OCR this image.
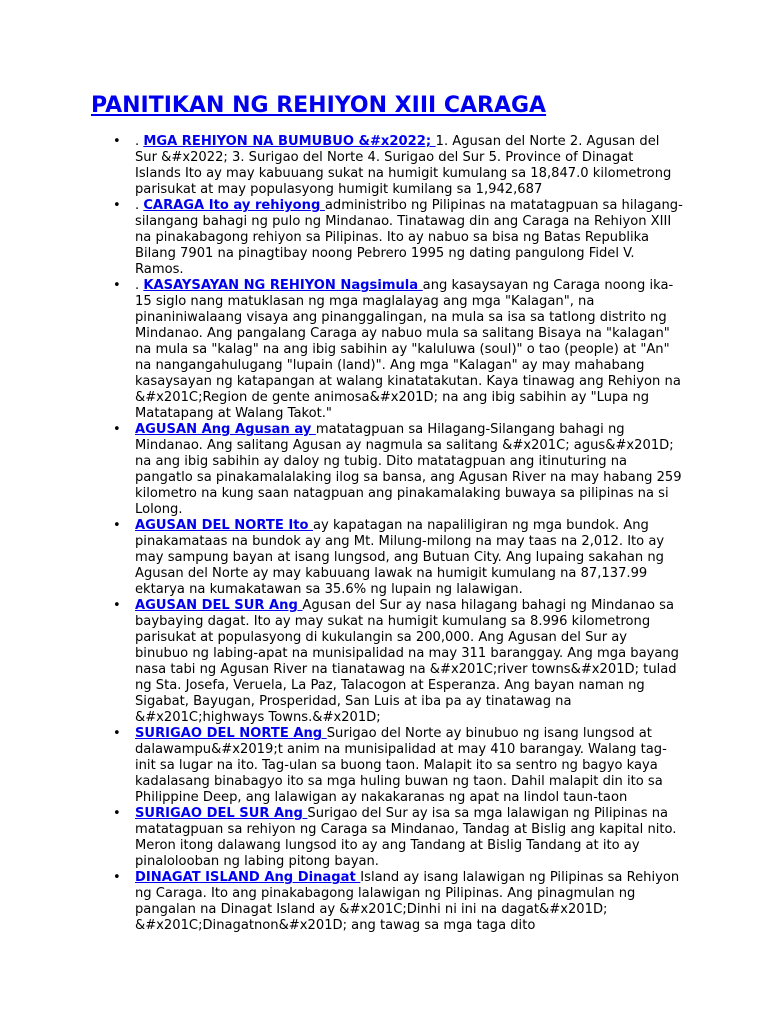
PANITIKAN NG REHIYON XIII CARAGA
• . MGA REHIYON NA BUMUBUO &#x2022; 1. Agusan del Norte 2. Agusan del Sur &#x2022; 3. Surigao del Norte 4. Surigao del Sur 5. Province of Dinagat Islands Ito ay may kabuuang sukat na humigit kumulang sa 18,847.0 kilometrong parisukat at may populasyong humigit kumilang sa 1,942,687
• . CARAGA Ito ay rehiyong administribo ng Pilipinas na matatagpuan sa hilagang- silangang bahagi ng pulo ng Mindanao. Tinatawag din ang Caraga na Rehiyon XIII na pinakabagong rehiyon sa Pilipinas. Ito ay nabuo sa bisa ng Batas Republika Bilang 7901 na pinagtibay noong Pebrero 1995 ng dating pangulong Fidel V. Ramos.
• . KASAYSAYAN NG REHIYON Nagsimula ang kasaysayan ng Caraga noong ika-15 siglo nang matuklasan ng mga maglalayag ang mga "Kalagan", na pinaniniwalaang visaya ang pinanggalingan, na mula sa isa sa tatlong distrito ng Mindanao. Ang pangalang Caraga ay nabuo mula sa salitang Bisaya na "kalagan" na mula sa "kalag" na ang ibig sabihin ay "kaluluwa (soul)" o tao (people) at "An" na nangangahulugang "lupain (land)". Ang mga "Kalagan" ay may mahabang kasaysayan ng katapangan at walang kinatatakutan. Kaya tinawag ang Rehiyon na &#x201C;Region de gente animosa&#x201D; na ang ibig sabihin ay "Lupa ng Matatapang at Walang Takot."
• AGUSAN Ang Agusan ay matatagpuan sa Hilagang-Silangang bahagi ng Mindanao. Ang salitang Agusan ay nagmula sa salitang &#x201C; agus&#x201D; na ang ibig sabihin ay daloy ng tubig. Dito matatagpuan ang itinuturing na pangatlo sa pinakamalalaking ilog sa bansa, ang Agusan River na may habang 259 kilometro na kung saan natagpuan ang pinakamalaking buwaya sa pilipinas na si Lolong.
• AGUSAN DEL NORTE Ito ay kapatagan na napaliligiran ng mga bundok. Ang pinakamataas na bundok ay ang Mt. Milung-milong na may taas na 2,012. Ito ay may sampung bayan at isang lungsod, ang Butuan City. Ang lupaing sakahan ng Agusan del Norte ay may kabuuang lawak na humigit kumulang na 87,137.99 ektarya na kumakatawan sa 35.6% ng lupain ng lalawigan.
• AGUSAN DEL SUR Ang Agusan del Sur ay nasa hilagang bahagi ng Mindanao sa baybaying dagat. Ito ay may sukat na humigit kumulang sa 8.996 kilometrong parisukat at populasyong di kukulangin sa 200,000. Ang Agusan del Sur ay binubuo ng labing-apat na munisipalidad na may 311 baranggay. Ang mga bayang nasa tabi ng Agusan River na tianatawag na &#x201C;river towns&#x201D; tulad ng Sta. Josefa, Veruela, La Paz, Talacogon at Esperanza. Ang bayan naman ng Sigabat, Bayugan, Prosperidad, San Luis at iba pa ay tinatawag na &#x201C;highways Towns.&#x201D;
• SURIGAO DEL NORTE Ang Surigao del Norte ay binubuo ng isang lungsod at dalawampu&#x2019;t anim na munisipalidad at may 410 barangay. Walang tag-init sa lugar na ito. Tag-ulan sa buong taon. Malapit ito sa sentro ng bagyo kaya kadalasang binabagyo ito sa mga huling buwan ng taon. Dahil malapit din ito sa Philippine Deep, ang lalawigan ay nakakaranas ng apat na lindol taun-taon
• SURIGAO DEL SUR Ang Surigao del Sur ay isa sa mga lalawigan ng Pilipinas na matatagpuan sa rehiyon ng Caraga sa Mindanao, Tandag at Bislig ang kapital nito. Meron itong dalawang lungsod ito ay ang Tandang at Bislig Tandang at ito ay pinalolooban ng labing pitong bayan.
• DINAGAT ISLAND Ang Dinagat Island ay isang lalawigan ng Pilipinas sa Rehiyon ng Caraga. Ito ang pinakabagong lalawigan ng Pilipinas. Ang pinagmulan ng pangalan na Dinagat Island ay &#x201C;Dinhi ni ini na dagat&#x201D; &#x201C;Dinagatnon&#x201D; ang tawag sa mga taga dito
